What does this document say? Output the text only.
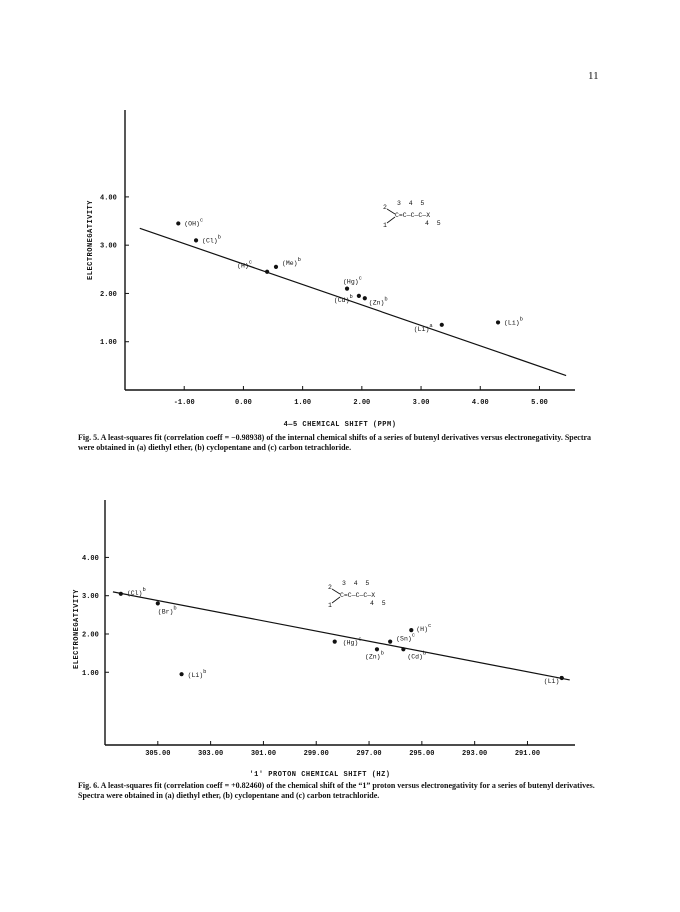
11
ELECTRONEGATIVITY
4—5 CHEMICAL SHIFT (PPM)
-1.00	0.00	1.00	2.00	3.00	4.00	5.00
1.00
2.00
3.00
4.00
(OH)$^c$
$(Cl)^b$
$(Me)^b$
$(H)^c$
$(Hg)^c$
$(Cd)^b$
$(Zn)^b$
$(Li)^a$	$(Li)^b$
3  4  5
2
C=C—C—C—X
4  5
1
Fig. 5. A least-squares fit (correlation coeff = −0.98938) of the internal chemical shifts of a series of butenyl derivatives versus electronegativity. Spectra were obtained in (a) diethyl ether, (b) cyclopentane and (c) carbon tetrachloride.
ELECTRONEGATIVITY
'1' PROTON CHEMICAL SHIFT (HZ)
305.00	303.00	301.00	299.00	297.00	295.00	293.00	291.00
1.00
2.00
3.00
4.00
$(Cl)^b$
$(Br)^b$
$(Li)^b$
$(Hg)^c$
$(H)^c$
$(Sn)^c$
$(Zn)^b$
$(Cd)^b$
$(Li)^a$
3  4  5
2
C=C—C—C—X
4  5
1
Fig. 6. A least-squares fit (correlation coeff = +0.82460) of the chemical shift of the “1” proton versus electronegativity for a series of butenyl derivatives. Spectra were obtained in (a) diethyl ether, (b) cyclopentane and (c) carbon tetrachloride.
